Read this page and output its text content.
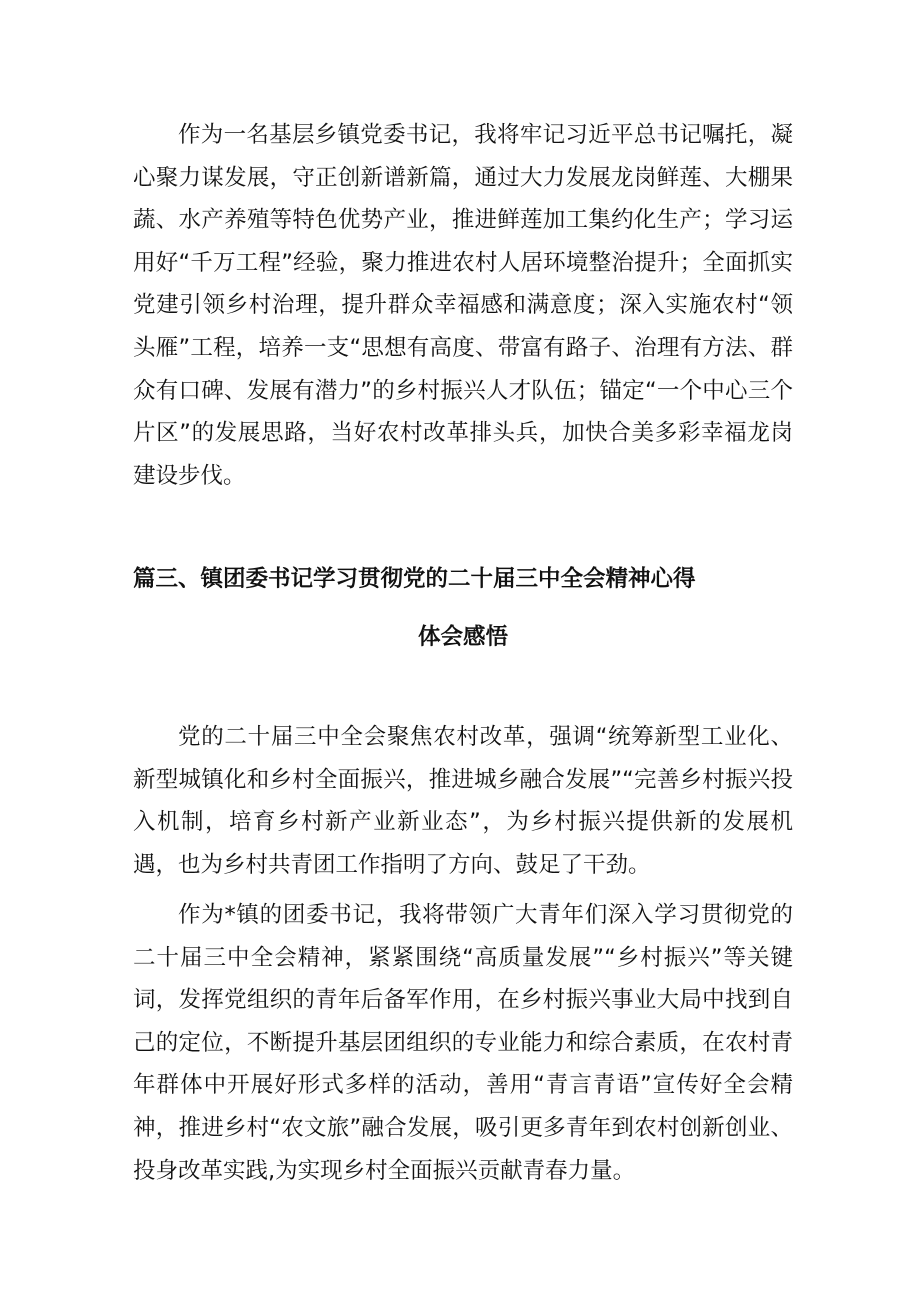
作为一名基层乡镇党委书记，我将牢记习近平总书记嘱托，凝心聚力谋发展，守正创新谱新篇，通过大力发展龙岗鲜莲、大棚果蔬、水产养殖等特色优势产业，推进鲜莲加工集约化生产；学习运用好“千万工程”经验，聚力推进农村人居环境整治提升；全面抓实党建引领乡村治理，提升群众幸福感和满意度；深入实施农村“领头雁”工程，培养一支“思想有高度、带富有路子、治理有方法、群众有口碑、发展有潜力”的乡村振兴人才队伍；锚定“一个中心三个片区”的发展思路，当好农村改革排头兵，加快合美多彩幸福龙岗建设步伐。

篇三、镇团委书记学习贯彻党的二十届三中全会精神心得
体会感悟

党的二十届三中全会聚焦农村改革，强调“统筹新型工业化、新型城镇化和乡村全面振兴，推进城乡融合发展”“完善乡村振兴投入机制，培育乡村新产业新业态”，为乡村振兴提供新的发展机遇，也为乡村共青团工作指明了方向、鼓足了干劲。

作为*镇的团委书记，我将带领广大青年们深入学习贯彻党的二十届三中全会精神，紧紧围绕“高质量发展”“乡村振兴”等关键词，发挥党组织的青年后备军作用，在乡村振兴事业大局中找到自己的定位，不断提升基层团组织的专业能力和综合素质，在农村青年群体中开展好形式多样的活动，善用“青言青语”宣传好全会精神，推进乡村“农文旅”融合发展，吸引更多青年到农村创新创业、投身改革实践,为实现乡村全面振兴贡献青春力量。
